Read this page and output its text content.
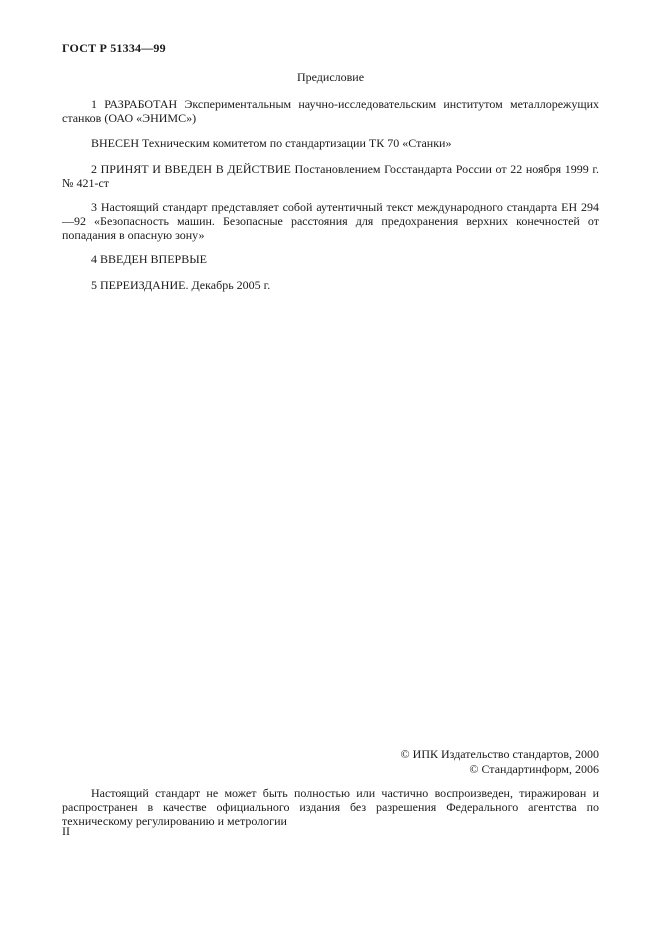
ГОСТ Р 51334—99
Предисловие
1 РАЗРАБОТАН Экспериментальным научно-исследовательским институтом металлорежущих станков (ОАО «ЭНИМС»)
ВНЕСЕН Техническим комитетом по стандартизации ТК 70 «Станки»
2 ПРИНЯТ И ВВЕДЕН В ДЕЙСТВИЕ Постановлением Госстандарта России от 22 ноября 1999 г. № 421-ст
3 Настоящий стандарт представляет собой аутентичный текст международного стандарта ЕН 294—92 «Безопасность машин. Безопасные расстояния для предохранения верхних конечностей от попадания в опасную зону»
4 ВВЕДЕН ВПЕРВЫЕ
5 ПЕРЕИЗДАНИЕ. Декабрь 2005 г.
© ИПК Издательство стандартов, 2000
© Стандартинформ, 2006
Настоящий стандарт не может быть полностью или частично воспроизведен, тиражирован и распространен в качестве официального издания без разрешения Федерального агентства по техническому регулированию и метрологии
II
